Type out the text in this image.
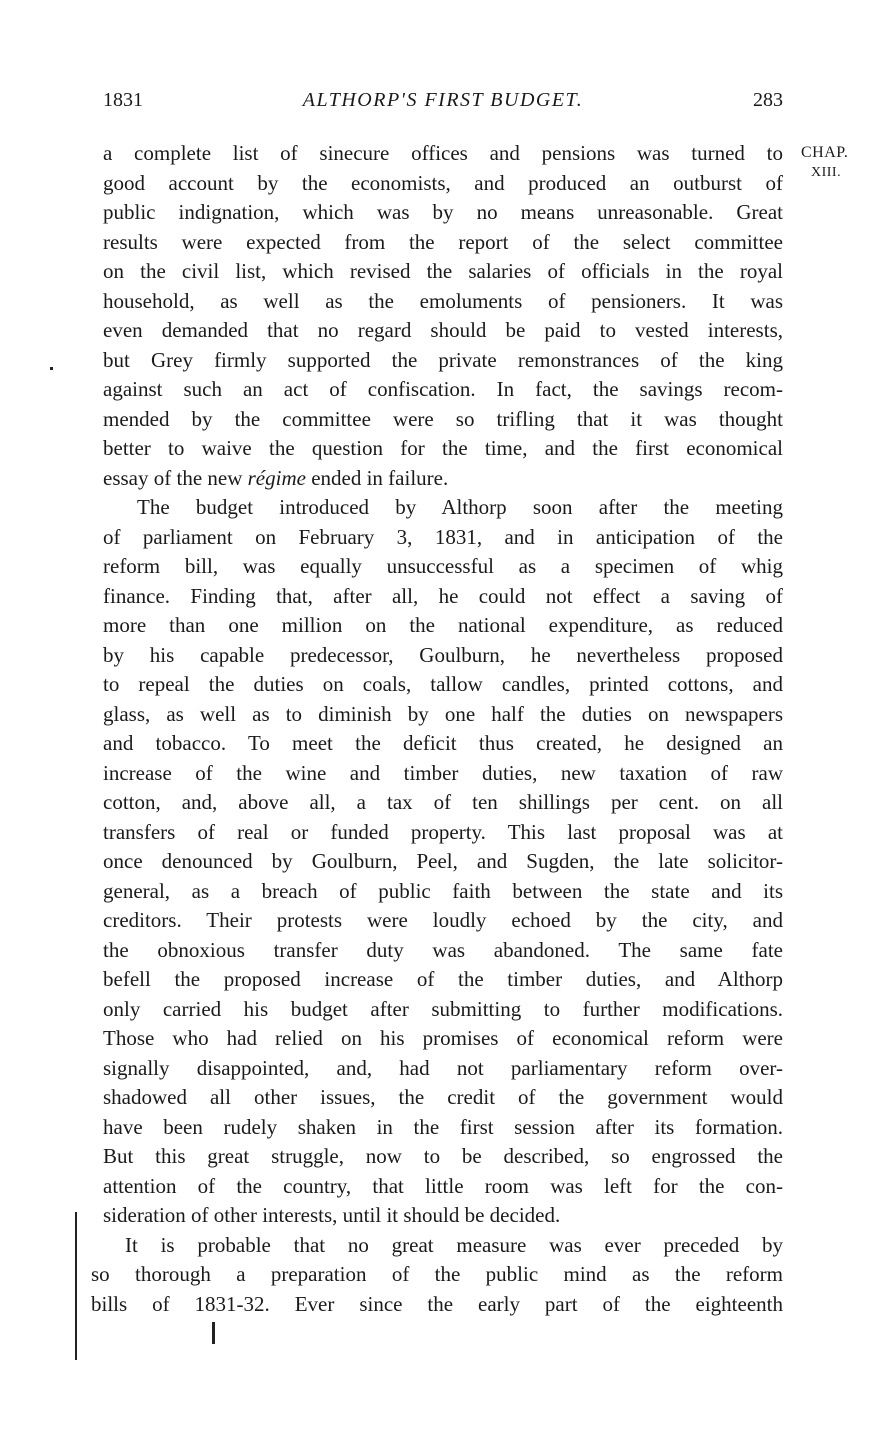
1831	ALTHORP'S FIRST BUDGET.	283
CHAP.
XIII.
a complete list of sinecure offices and pensions was turned to
good account by the economists, and produced an outburst of
public indignation, which was by no means unreasonable. Great
results were expected from the report of the select committee
on the civil list, which revised the salaries of officials in the royal
household, as well as the emoluments of pensioners. It was
even demanded that no regard should be paid to vested interests,
but Grey firmly supported the private remonstrances of the king
against such an act of confiscation. In fact, the savings recom-
mended by the committee were so trifling that it was thought
better to waive the question for the time, and the first economical
essay of the new régime ended in failure.
The budget introduced by Althorp soon after the meeting
of parliament on February 3, 1831, and in anticipation of the
reform bill, was equally unsuccessful as a specimen of whig
finance. Finding that, after all, he could not effect a saving of
more than one million on the national expenditure, as reduced
by his capable predecessor, Goulburn, he nevertheless proposed
to repeal the duties on coals, tallow candles, printed cottons, and
glass, as well as to diminish by one half the duties on newspapers
and tobacco. To meet the deficit thus created, he designed an
increase of the wine and timber duties, new taxation of raw
cotton, and, above all, a tax of ten shillings per cent. on all
transfers of real or funded property. This last proposal was at
once denounced by Goulburn, Peel, and Sugden, the late solicitor-
general, as a breach of public faith between the state and its
creditors. Their protests were loudly echoed by the city, and
the obnoxious transfer duty was abandoned. The same fate
befell the proposed increase of the timber duties, and Althorp
only carried his budget after submitting to further modifications.
Those who had relied on his promises of economical reform were
signally disappointed, and, had not parliamentary reform over-
shadowed all other issues, the credit of the government would
have been rudely shaken in the first session after its formation.
But this great struggle, now to be described, so engrossed the
attention of the country, that little room was left for the con-
sideration of other interests, until it should be decided.
It is probable that no great measure was ever preceded by
so thorough a preparation of the public mind as the reform
bills of 1831-32. Ever since the early part of the eighteenth
